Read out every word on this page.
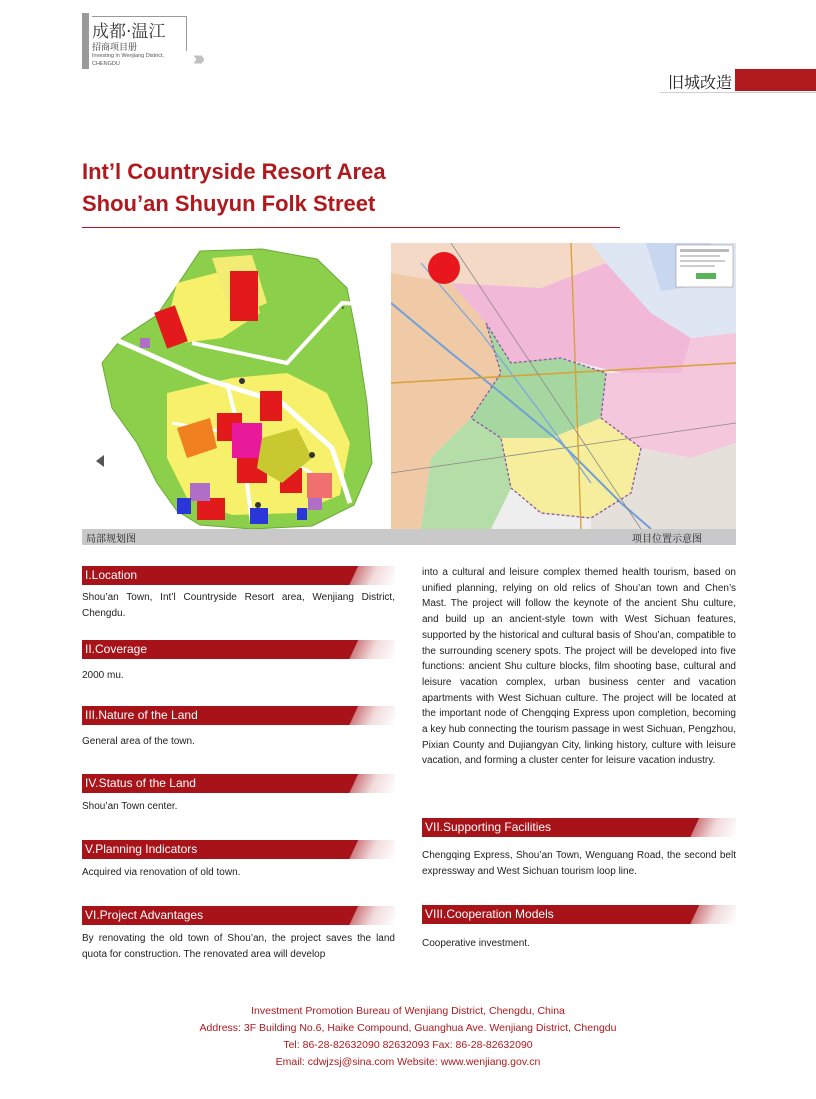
成都·温江
招商项目册
Investing in Wenjiang District,
CHENGDU	›››
旧城改造
Int’l Countryside Resort Area
Shou’an Shuyun Folk Street
▸
局部规划图	项目位置示意图
I.Location
Shou’an Town, Int’l Countryside Resort area, Wenjiang District, Chengdu.
II.Coverage
2000 mu.
III.Nature of the Land
General area of the town.
IV.Status of the Land
Shou’an Town center.
V.Planning Indicators
Acquired via renovation of old town.
VI.Project Advantages
By renovating the old town of Shou’an, the project saves the land quota for construction. The renovated area will develop
into a cultural and leisure complex themed health tourism, based on unified planning, relying on old relics of Shou’an town and Chen’s Mast. The project will follow the keynote of the ancient Shu culture, and build up an ancient-style town with West Sichuan features, supported by the historical and cultural basis of Shou’an, compatible to the surrounding scenery spots. The project will be developed into five functions: ancient Shu culture blocks, film shooting base, cultural and leisure vacation complex, urban business center and vacation apartments with West Sichuan culture. The project will be located at the important node of Chengqing Express upon completion, becoming a key hub connecting the tourism passage in west Sichuan, Pengzhou, Pixian County and Dujiangyan City, linking history, culture with leisure vacation, and forming a cluster center for leisure vacation industry.
VII.Supporting Facilities
Chengqing Express, Shou’an Town, Wenguang Road, the second belt expressway and West Sichuan tourism loop line.
VIII.Cooperation Models
Cooperative investment.
Investment Promotion Bureau of Wenjiang District, Chengdu, China
Address: 3F Building No.6, Haike Compound, Guanghua Ave. Wenjiang District, Chengdu
Tel: 86-28-82632090 82632093 Fax: 86-28-82632090
Email: cdwjzsj@sina.com Website: www.wenjiang.gov.cn
